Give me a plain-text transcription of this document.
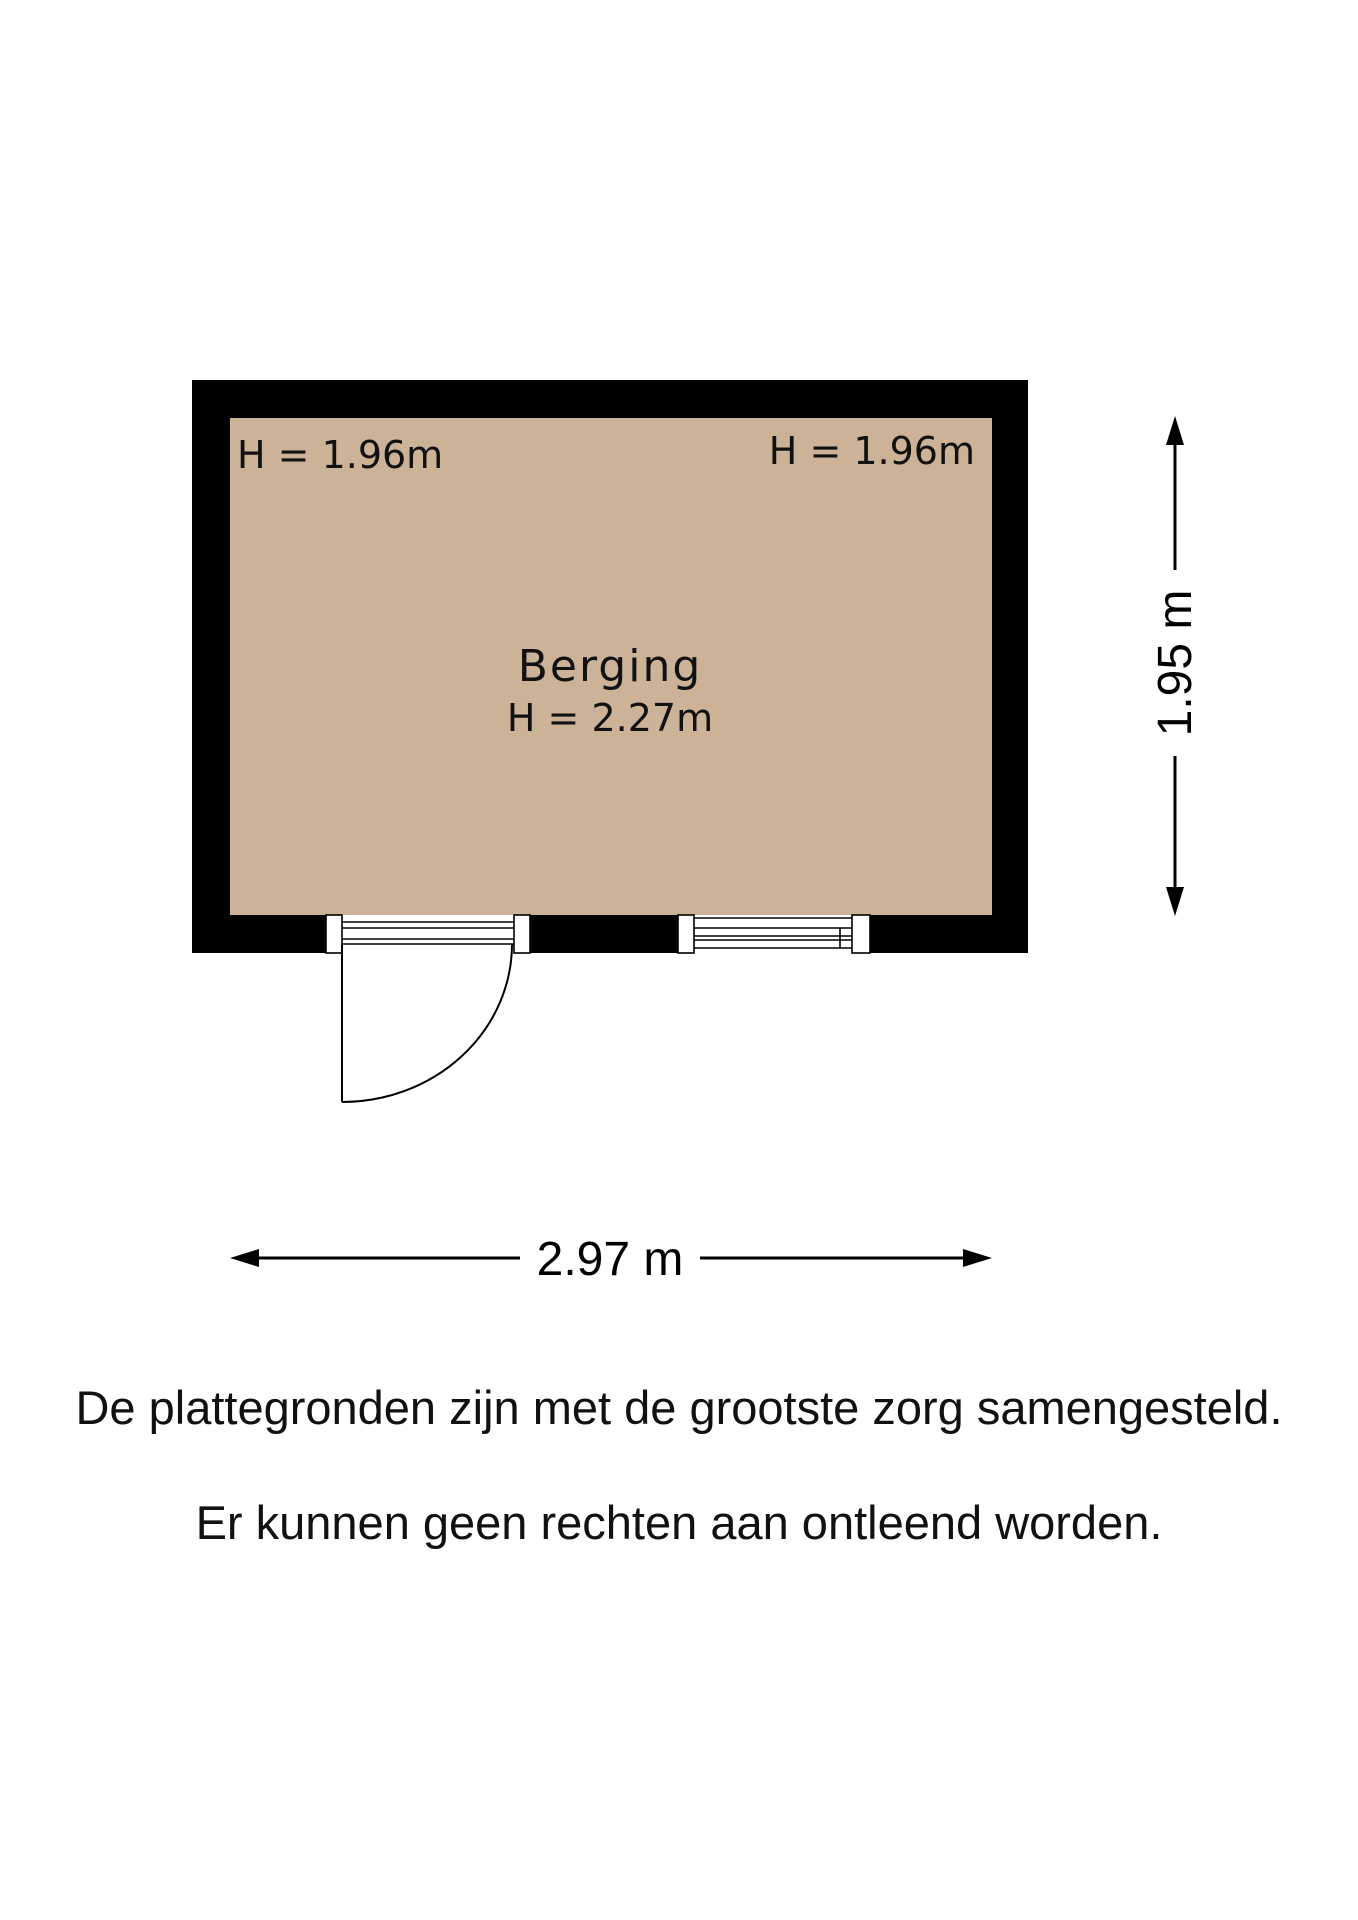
H = 1.96m	H = 1.96m
Berging
H = 2.27m	1.95 m
2.97 m

De plattegronden zijn met de grootste zorg samengesteld.

Er kunnen geen rechten aan ontleend worden.
